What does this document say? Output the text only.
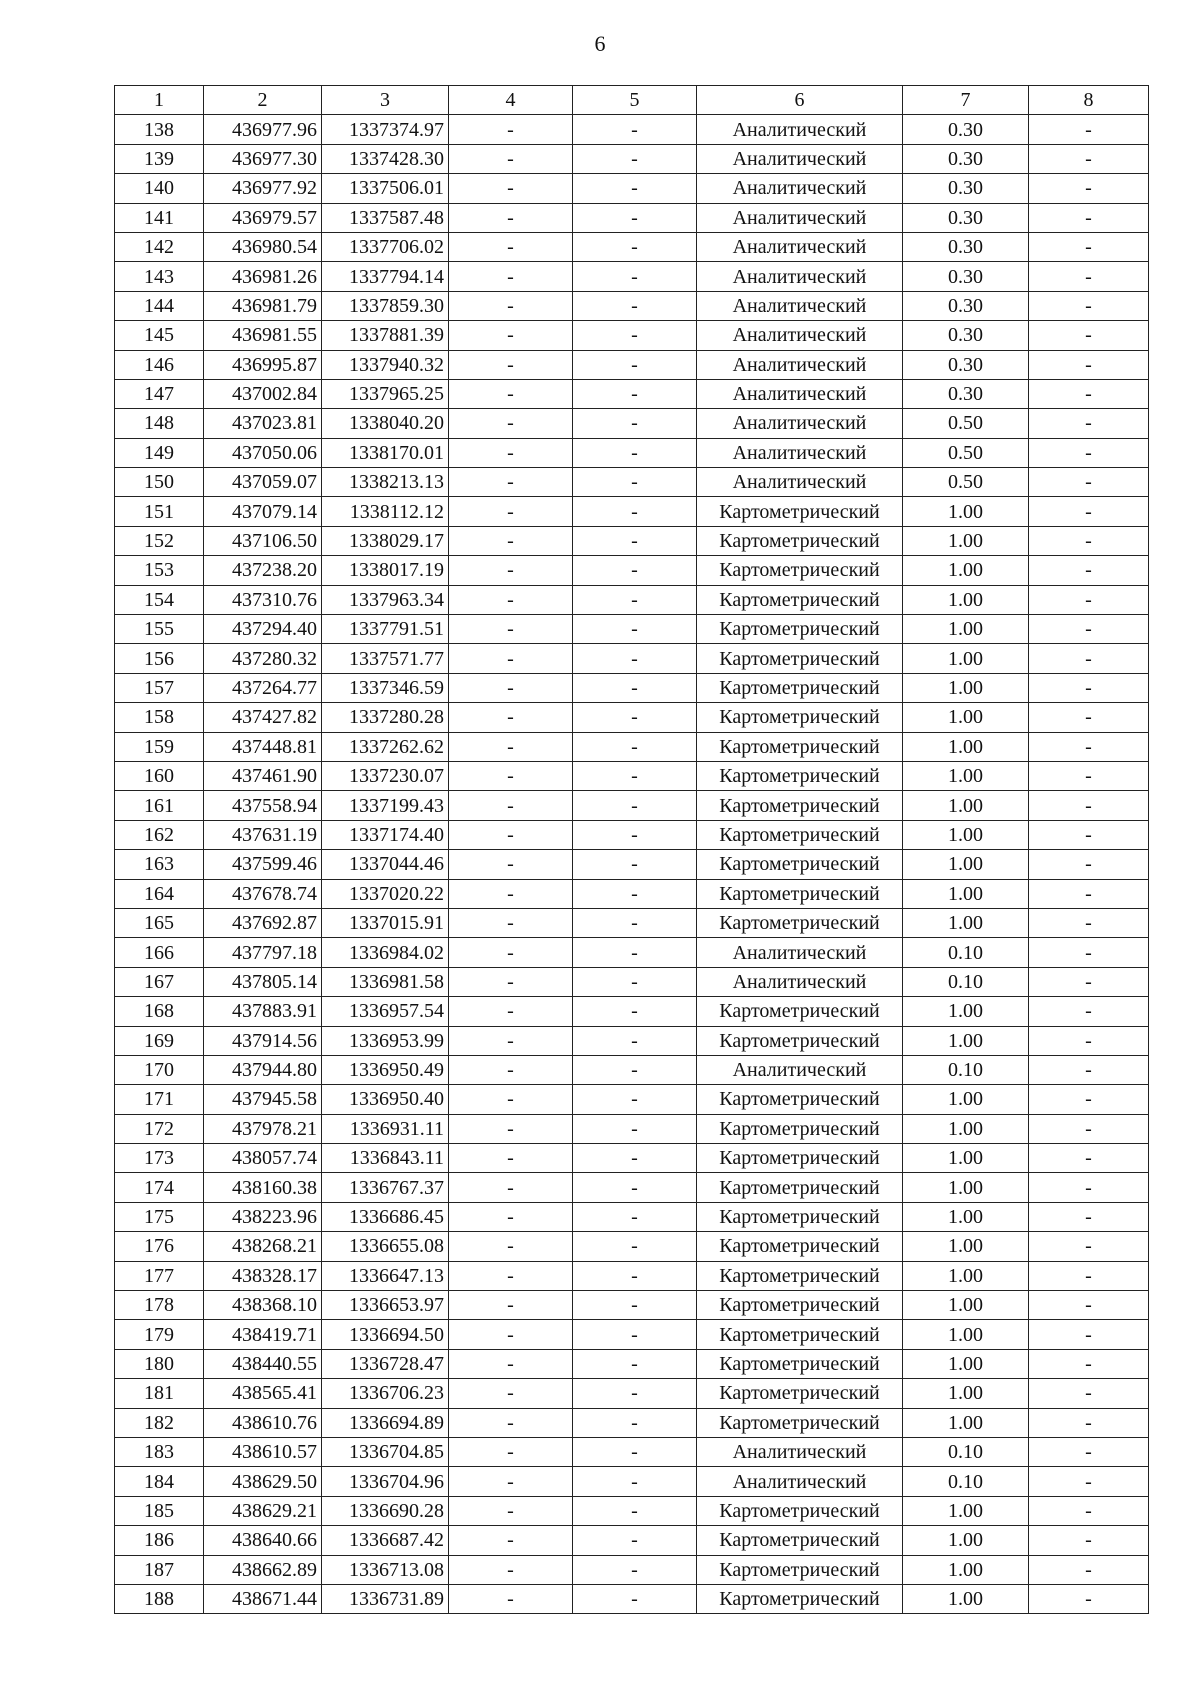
6
1	2	3	4	5	6	7	8
138	436977.96	1337374.97	-	-	Аналитический	0.30	-
139	436977.30	1337428.30	-	-	Аналитический	0.30	-
140	436977.92	1337506.01	-	-	Аналитический	0.30	-
141	436979.57	1337587.48	-	-	Аналитический	0.30	-
142	436980.54	1337706.02	-	-	Аналитический	0.30	-
143	436981.26	1337794.14	-	-	Аналитический	0.30	-
144	436981.79	1337859.30	-	-	Аналитический	0.30	-
145	436981.55	1337881.39	-	-	Аналитический	0.30	-
146	436995.87	1337940.32	-	-	Аналитический	0.30	-
147	437002.84	1337965.25	-	-	Аналитический	0.30	-
148	437023.81	1338040.20	-	-	Аналитический	0.50	-
149	437050.06	1338170.01	-	-	Аналитический	0.50	-
150	437059.07	1338213.13	-	-	Аналитический	0.50	-
151	437079.14	1338112.12	-	-	Картометрический	1.00	-
152	437106.50	1338029.17	-	-	Картометрический	1.00	-
153	437238.20	1338017.19	-	-	Картометрический	1.00	-
154	437310.76	1337963.34	-	-	Картометрический	1.00	-
155	437294.40	1337791.51	-	-	Картометрический	1.00	-
156	437280.32	1337571.77	-	-	Картометрический	1.00	-
157	437264.77	1337346.59	-	-	Картометрический	1.00	-
158	437427.82	1337280.28	-	-	Картометрический	1.00	-
159	437448.81	1337262.62	-	-	Картометрический	1.00	-
160	437461.90	1337230.07	-	-	Картометрический	1.00	-
161	437558.94	1337199.43	-	-	Картометрический	1.00	-
162	437631.19	1337174.40	-	-	Картометрический	1.00	-
163	437599.46	1337044.46	-	-	Картометрический	1.00	-
164	437678.74	1337020.22	-	-	Картометрический	1.00	-
165	437692.87	1337015.91	-	-	Картометрический	1.00	-
166	437797.18	1336984.02	-	-	Аналитический	0.10	-
167	437805.14	1336981.58	-	-	Аналитический	0.10	-
168	437883.91	1336957.54	-	-	Картометрический	1.00	-
169	437914.56	1336953.99	-	-	Картометрический	1.00	-
170	437944.80	1336950.49	-	-	Аналитический	0.10	-
171	437945.58	1336950.40	-	-	Картометрический	1.00	-
172	437978.21	1336931.11	-	-	Картометрический	1.00	-
173	438057.74	1336843.11	-	-	Картометрический	1.00	-
174	438160.38	1336767.37	-	-	Картометрический	1.00	-
175	438223.96	1336686.45	-	-	Картометрический	1.00	-
176	438268.21	1336655.08	-	-	Картометрический	1.00	-
177	438328.17	1336647.13	-	-	Картометрический	1.00	-
178	438368.10	1336653.97	-	-	Картометрический	1.00	-
179	438419.71	1336694.50	-	-	Картометрический	1.00	-
180	438440.55	1336728.47	-	-	Картометрический	1.00	-
181	438565.41	1336706.23	-	-	Картометрический	1.00	-
182	438610.76	1336694.89	-	-	Картометрический	1.00	-
183	438610.57	1336704.85	-	-	Аналитический	0.10	-
184	438629.50	1336704.96	-	-	Аналитический	0.10	-
185	438629.21	1336690.28	-	-	Картометрический	1.00	-
186	438640.66	1336687.42	-	-	Картометрический	1.00	-
187	438662.89	1336713.08	-	-	Картометрический	1.00	-
188	438671.44	1336731.89	-	-	Картометрический	1.00	-
